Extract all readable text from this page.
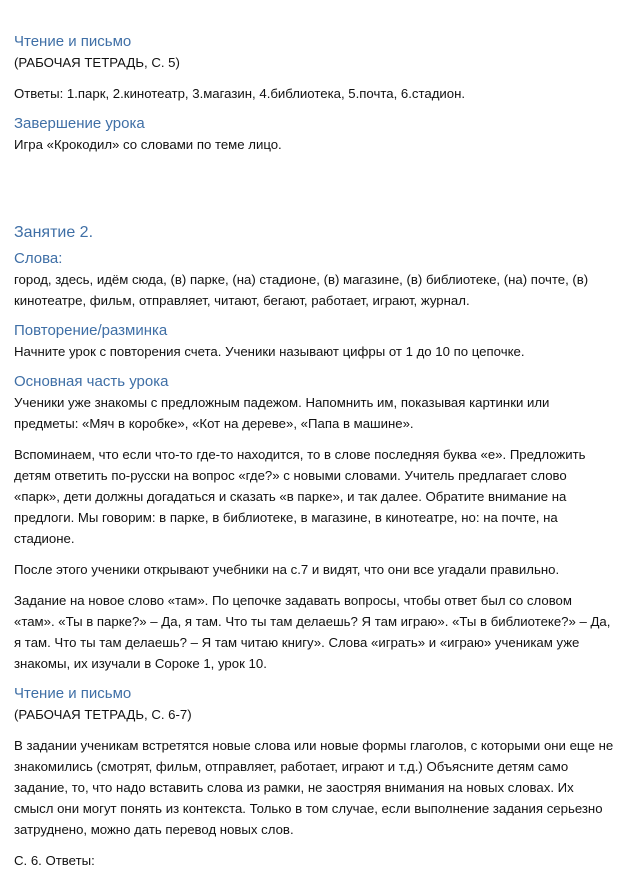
Чтение и письмо

(РАБОЧАЯ ТЕТРАДЬ, С. 5)

Ответы: 1.парк, 2.кинотеатр, 3.магазин, 4.библиотека, 5.почта, 6.стадион.

Завершение урока

Игра «Крокодил» со словами по теме лицо.

Занятие 2.
Слова:

город, здесь, идём сюда, (в) парке, (на) стадионе, (в) магазине, (в) библиотеке, (на) почте, (в) кинотеатре, фильм, отправляет, читают, бегают, работает, играют, журнал.

Повторение/разминка

Начните урок с повторения счета. Ученики называют цифры от 1 до 10 по цепочке.

Основная часть урока

Ученики уже знакомы с предложным падежом. Напомнить им, показывая картинки или предметы: «Мяч в коробке», «Кот на дереве», «Папа в машине».

Вспоминаем, что если что-то где-то находится, то в слове последняя буква «е». Предложить детям ответить по-русски на вопрос «где?» с новыми словами. Учитель предлагает слово «парк», дети должны догадаться и сказать «в парке», и так далее. Обратите внимание на предлоги. Мы говорим: в парке, в библиотеке, в магазине, в кинотеатре, но: на почте, на стадионе.

После этого ученики открывают учебники на с.7 и видят, что они все угадали правильно.

Задание на новое слово «там». По цепочке задавать вопросы, чтобы ответ был со словом «там». «Ты в парке?» – Да, я там. Что ты там делаешь? Я там играю». «Ты в библиотеке?» – Да, я там. Что ты там делаешь? – Я там читаю книгу». Слова «играть» и «играю» ученикам уже знакомы, их изучали в Сороке 1, урок 10.

Чтение и письмо

(РАБОЧАЯ ТЕТРАДЬ, С. 6-7)

В задании ученикам встретятся новые слова или новые формы глаголов, с которыми они еще не знакомились (смотрят, фильм, отправляет, работает, играют и т.д.) Объясните детям само задание, то, что надо вставить слова из рамки, не заостряя внимания на новых словах. Их смысл они могут понять из контекста. Только в том случае, если выполнение задания серьезно затруднено, можно дать перевод новых слов.

С. 6. Ответы:
